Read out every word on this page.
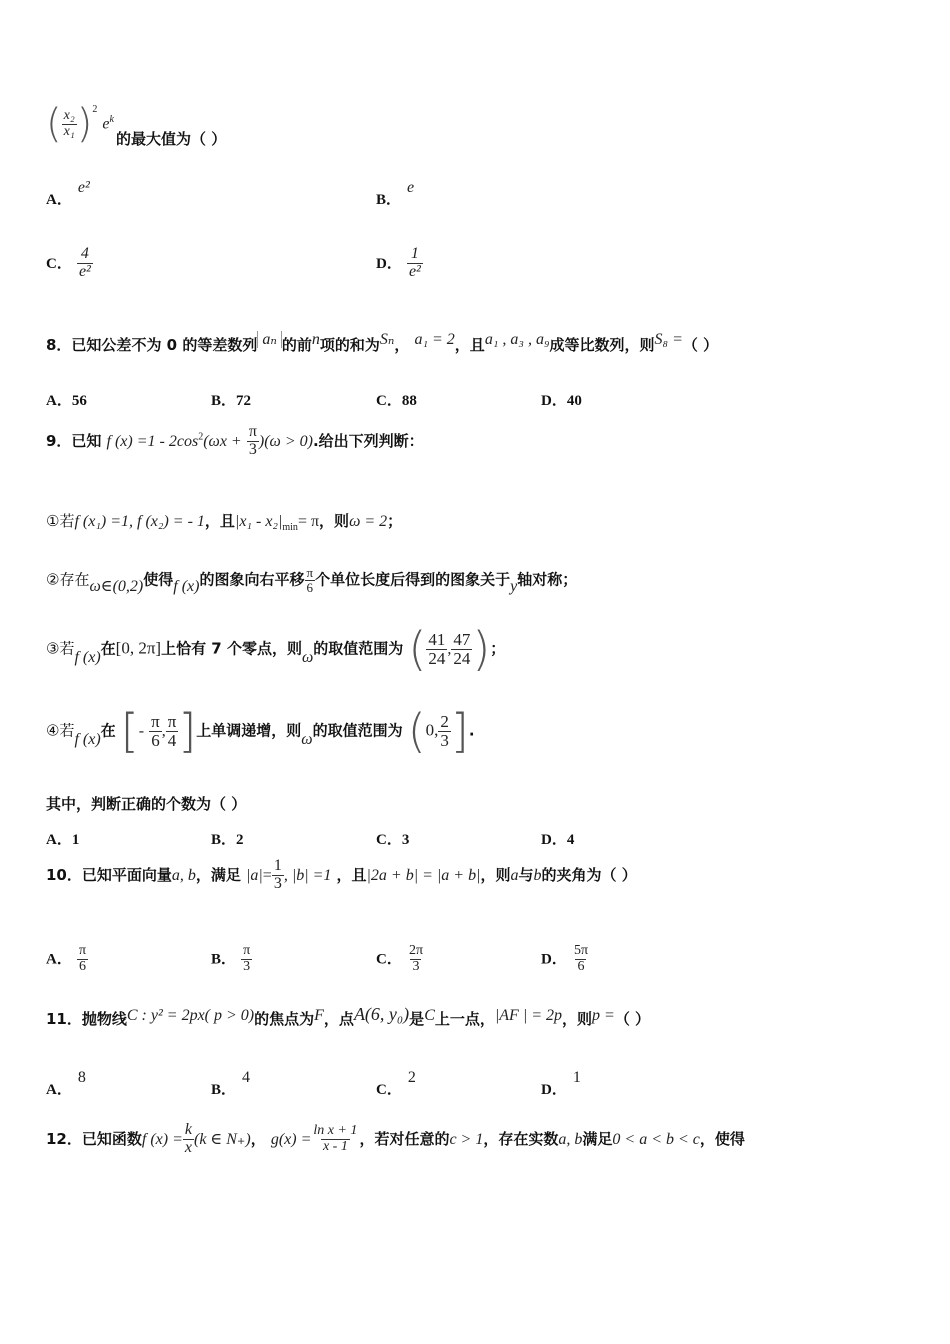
( $\frac{\text{x₂}}{\text{x₁}} )^2$ $e^k$
的最大值为（ ）
A．e²
B．e
C． $\frac{4}{\text{e²}}$	D． $\frac{1}{\text{e²}}$
8．已知公差不为 0 的等差数列 aₙ 的前n项的和为Sₙ， a₁ = 2，且a₁ , a₃ , a₉成等比数列，则S₈ =（ ）
A．56	B．72	C．88	D．40
9．已知 f $(x) =1 - 2\cos^2(\omega x + \frac{\pi}{3} )(\omega > 0)$.给出下列判断：
①若f (x₁) =1, f (x₂) = - 1，且$|x_1 - x_2|_{min}= \pi$，则ω = 2；
②存在ω∈(0,2)使得f (x)的图象向右平移 $\frac{\pi}{6}$ 个单位长度后得到的图象关于y轴对称；
③若f (x)在[0, 2π]上恰有 7 个零点，则ω的取值范围为 ( $\frac{41}{24}$ , $\frac{47}{24}$ )；
④若f (x)在 [- $\frac{\pi}{6}$ , $\frac{\pi}{4}$ ]上单调递增，则ω的取值范围为 (0, $\frac{2}{3}$ ].
其中，判断正确的个数为（ ）
A．1	B．2	C．3	D．4
10．已知平面向量a, b，满足 $|a|= \frac{1}{3}$ , |b| =1 ，且|2a + b| = |a + b|，则a与b的夹角为（ ）
A． $\frac{\pi}{6}$	B． $\frac{\pi}{3}$	C． $\frac{2\pi}{3}$	D． $\frac{5\pi}{6}$
11．抛物线C : y² = 2px( p > 0)的焦点为F，点A(6, y₀)是C上一点，|AF | = 2p，则p =（ ）
A．8
B．4
C．2
D．1
12．已知函数f $(x) = \frac{k}{x} (k$ ∈ N₊)， $g(x) = \frac{\text{ln x + 1}}{x - 1}$ ，若对任意的c > 1，存在实数a, b满足0 < a < b < c，使得
